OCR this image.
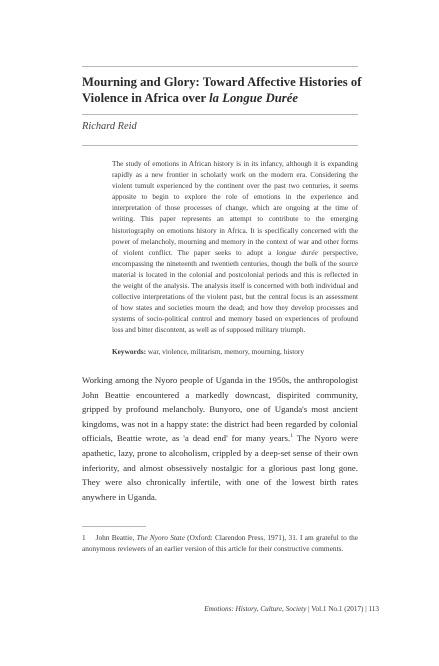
Mourning and Glory: Toward Affective Histories of Violence in Africa over la Longue Durée
Richard Reid
The study of emotions in African history is in its infancy, although it is expanding rapidly as a new frontier in scholarly work on the modern era. Considering the violent tumult experienced by the continent over the past two centuries, it seems apposite to begin to explore the role of emotions in the experience and interpretation of those processes of change, which are ongoing at the time of writing. This paper represents an attempt to contribute to the emerging historiography on emotions history in Africa. It is specifically concerned with the power of melancholy, mourning and memory in the context of war and other forms of violent conflict. The paper seeks to adopt a longue durée perspective, encompassing the nineteenth and twentieth centuries, though the bulk of the source material is located in the colonial and postcolonial periods and this is reflected in the weight of the analysis. The analysis itself is concerned with both individual and collective interpretations of the violent past, but the central focus is an assessment of how states and societies mourn the dead; and how they develop processes and systems of socio-political control and memory based on experiences of profound loss and bitter discontent, as well as of supposed military triumph.
Keywords: war, violence, militarism, memory, mourning, history
Working among the Nyoro people of Uganda in the 1950s, the anthropologist John Beattie encountered a markedly downcast, dispirited community, gripped by profound melancholy. Bunyoro, one of Uganda's most ancient kingdoms, was not in a happy state: the district had been regarded by colonial officials, Beattie wrote, as 'a dead end' for many years.$^1$ The Nyoro were apathetic, lazy, prone to alcoholism, crippled by a deep-set sense of their own inferiority, and almost obsessively nostalgic for a glorious past long gone. They were also chronically infertile, with one of the lowest birth rates anywhere in Uganda.
1 John Beattie, The Nyoro State (Oxford: Clarendon Press, 1971), 31. I am grateful to the anonymous reviewers of an earlier version of this article for their constructive comments.
Emotions: History, Culture, Society | Vol.1 No.1 (2017) | 113
